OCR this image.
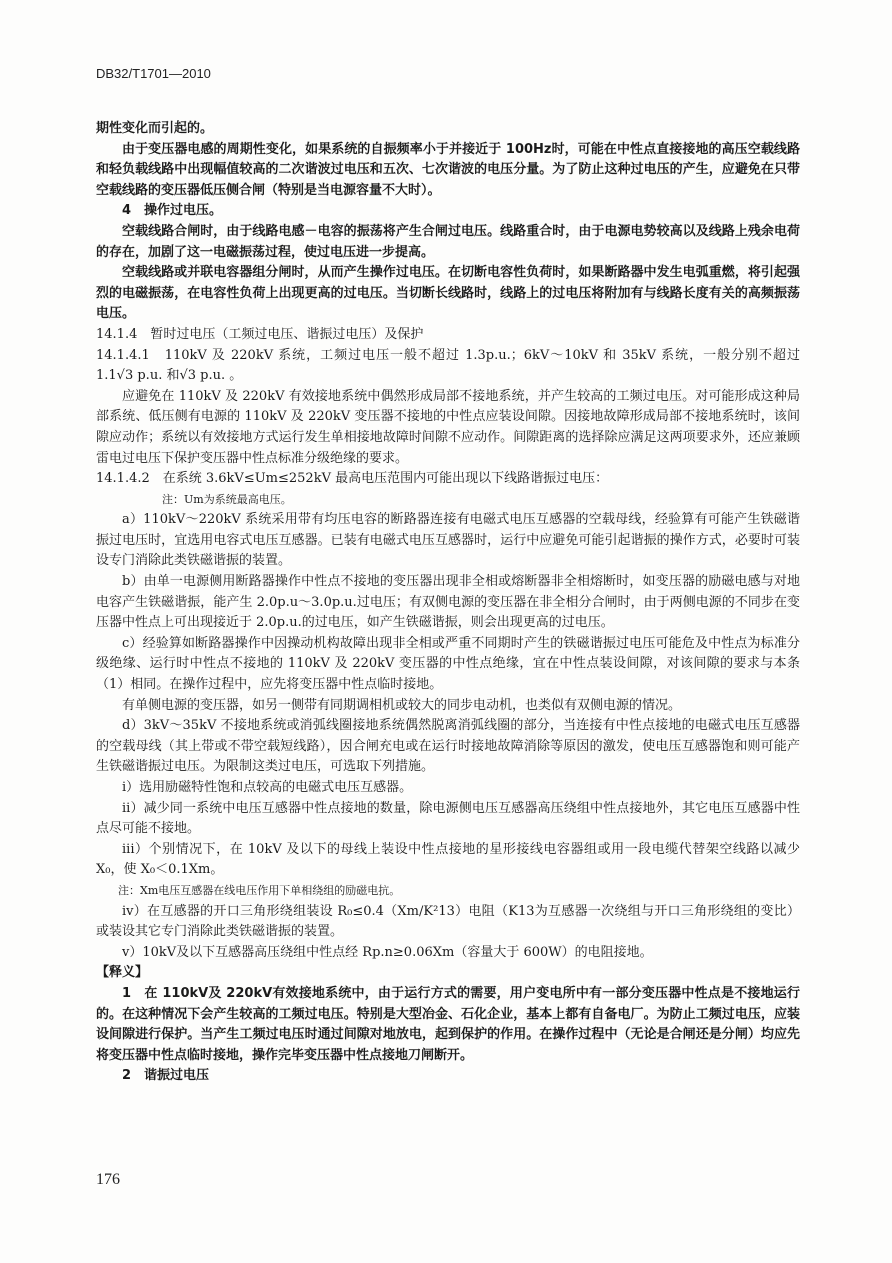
DB32/T1701—2010

期性变化而引起的。

由于变压器电感的周期性变化，如果系统的自振频率小于并接近于 100Hz时，可能在中性点直接接地的高压空载线路和轻负载线路中出现幅值较高的二次谐波过电压和五次、七次谐波的电压分量。为了防止这种过电压的产生，应避免在只带空载线路的变压器低压侧合闸（特别是当电源容量不大时）。

4　操作过电压。

空载线路合闸时，由于线路电感－电容的振荡将产生合闸过电压。线路重合时，由于电源电势较高以及线路上残余电荷的存在，加剧了这一电磁振荡过程，使过电压进一步提高。

空载线路或并联电容器组分闸时，从而产生操作过电压。在切断电容性负荷时，如果断路器中发生电弧重燃，将引起强烈的电磁振荡，在电容性负荷上出现更高的过电压。当切断长线路时，线路上的过电压将附加有与线路长度有关的高频振荡电压。

14.1.4　暂时过电压（工频过电压、谐振过电压）及保护

14.1.4.1　110kV 及 220kV 系统，工频过电压一般不超过 1.3p.u.；6kV～10kV 和 35kV 系统，一般分别不超过 1.1√3 p.u. 和√3 p.u. 。

应避免在 110kV 及 220kV 有效接地系统中偶然形成局部不接地系统，并产生较高的工频过电压。对可能形成这种局部系统、低压侧有电源的 110kV 及 220kV 变压器不接地的中性点应装设间隙。因接地故障形成局部不接地系统时，该间隙应动作；系统以有效接地方式运行发生单相接地故障时间隙不应动作。间隙距离的选择除应满足这两项要求外，还应兼顾雷电过电压下保护变压器中性点标准分级绝缘的要求。

14.1.4.2　在系统 3.6kV≤Um≤252kV 最高电压范围内可能出现以下线路谐振过电压：

注：Um为系统最高电压。

a）110kV～220kV 系统采用带有均压电容的断路器连接有电磁式电压互感器的空载母线，经验算有可能产生铁磁谐振过电压时，宜选用电容式电压互感器。已装有电磁式电压互感器时，运行中应避免可能引起谐振的操作方式，必要时可装设专门消除此类铁磁谐振的装置。

b）由单一电源侧用断路器操作中性点不接地的变压器出现非全相或熔断器非全相熔断时，如变压器的励磁电感与对地电容产生铁磁谐振，能产生 2.0p.u～3.0p.u.过电压；有双侧电源的变压器在非全相分合闸时，由于两侧电源的不同步在变压器中性点上可出现接近于 2.0p.u.的过电压，如产生铁磁谐振，则会出现更高的过电压。

c）经验算如断路器操作中因操动机构故障出现非全相或严重不同期时产生的铁磁谐振过电压可能危及中性点为标准分级绝缘、运行时中性点不接地的 110kV 及 220kV 变压器的中性点绝缘，宜在中性点装设间隙，对该间隙的要求与本条（1）相同。在操作过程中，应先将变压器中性点临时接地。

有单侧电源的变压器，如另一侧带有同期调相机或较大的同步电动机，也类似有双侧电源的情况。

d）3kV～35kV 不接地系统或消弧线圈接地系统偶然脱离消弧线圈的部分，当连接有中性点接地的电磁式电压互感器的空载母线（其上带或不带空载短线路），因合闸充电或在运行时接地故障消除等原因的激发，使电压互感器饱和则可能产生铁磁谐振过电压。为限制这类过电压，可选取下列措施。

i）选用励磁特性饱和点较高的电磁式电压互感器。

ii）减少同一系统中电压互感器中性点接地的数量，除电源侧电压互感器高压绕组中性点接地外，其它电压互感器中性点尽可能不接地。

iii）个别情况下，在 10kV 及以下的母线上装设中性点接地的星形接线电容器组或用一段电缆代替架空线路以减少 X₀，使 X₀＜0.1Xm。

注：Xm电压互感器在线电压作用下单相绕组的励磁电抗。

iv）在互感器的开口三角形绕组装设 R₀≤0.4（Xm/K²13）电阻（K13为互感器一次绕组与开口三角形绕组的变比）或装设其它专门消除此类铁磁谐振的装置。

v）10kV及以下互感器高压绕组中性点经 Rp.n≥0.06Xm（容量大于 600W）的电阻接地。

【释义】

1　在 110kV及 220kV有效接地系统中，由于运行方式的需要，用户变电所中有一部分变压器中性点是不接地运行的。在这种情况下会产生较高的工频过电压。特别是大型冶金、石化企业，基本上都有自备电厂。为防止工频过电压，应装设间隙进行保护。当产生工频过电压时通过间隙对地放电，起到保护的作用。在操作过程中（无论是合闸还是分闸）均应先将变压器中性点临时接地，操作完毕变压器中性点接地刀闸断开。

2　谐振过电压

176
